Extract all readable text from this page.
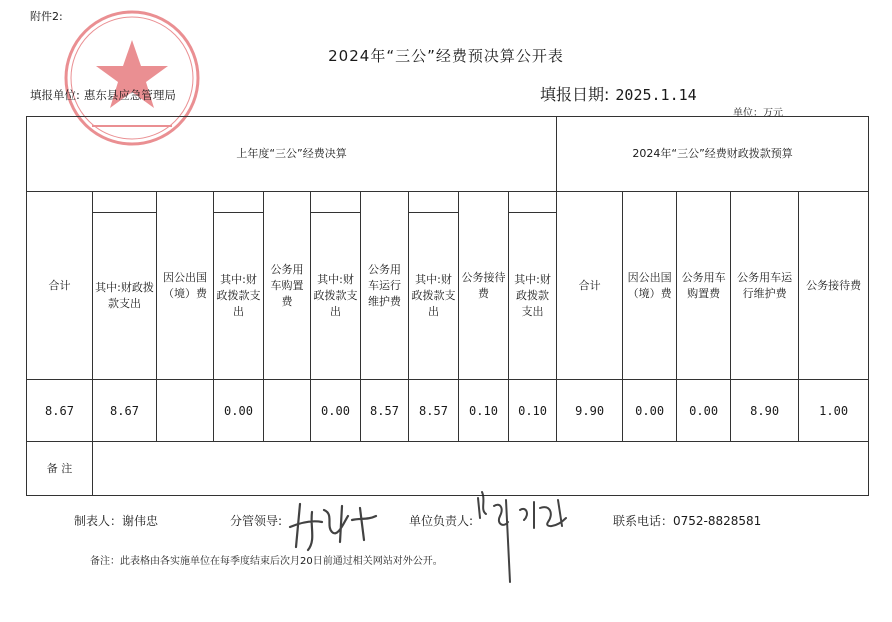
附件2:
2024年“三公”经费预决算公开表
填报单位: 惠东县应急管理局	填报日期: 2025.1.14
单位：万元
上年度“三公”经费决算										2024年“三公”经费财政拨款预算				
合计	其中:财政拨款支出	因公出国（境）费	其中:财政拨款支出	公务用车购置费	其中:财政拨款支出	公务用车运行维护费	其中:财政拨款支出	公务接待费	其中:财政拨款支出	合计	因公出国（境）费	公务用车购置费	公务用车运行维护费	公务接待费
8.67	8.67		0.00		0.00	8.57	8.57	0.10	0.10	9.90	0.00	0.00	8.90	1.00
备 注														
制表人：谢伟忠	分管领导:	单位负责人:	联系电话：0752-8828581
备注：此表格由各实施单位在每季度结束后次月20日前通过相关网站对外公开。
